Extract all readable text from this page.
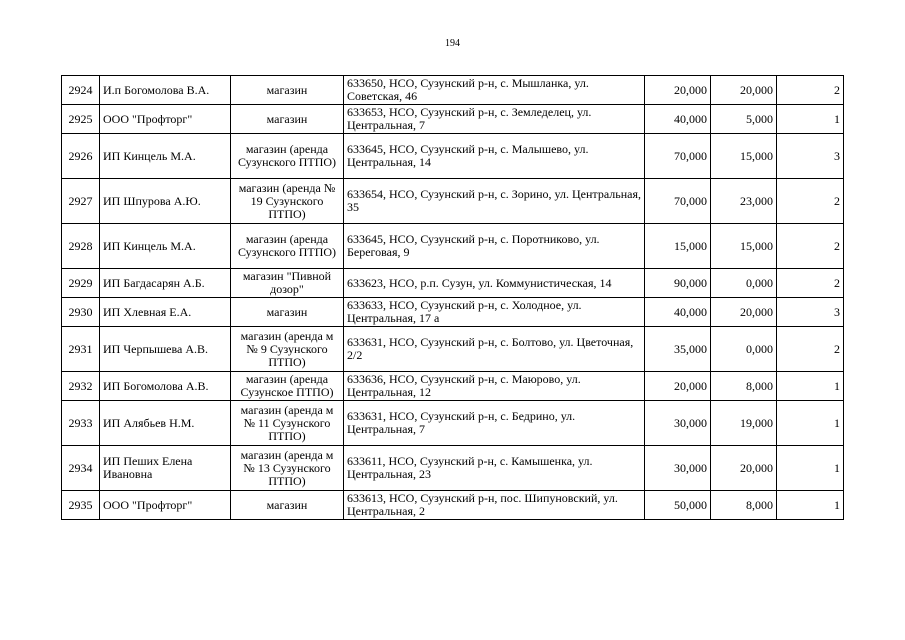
194
2924	И.п Богомолова В.А.	магазин	633650, НСО, Сузунский р-н, с. Мышланка, ул. Советская, 46	20,000	20,000	2
2925	ООО "Профторг"	магазин	633653, НСО, Сузунский р-н, с. Земледелец, ул. Центральная, 7	40,000	5,000	1
2926	ИП Кинцель М.А.	магазин (аренда Сузунского ПТПО)	633645, НСО, Сузунский р-н, с. Малышево, ул. Центральная, 14	70,000	15,000	3
2927	ИП Шпурова А.Ю.	магазин (аренда № 19 Сузунского ПТПО)	633654, НСО, Сузунский р-н, с. Зорино, ул. Центральная, 35	70,000	23,000	2
2928	ИП Кинцель М.А.	магазин (аренда Сузунского ПТПО)	633645, НСО, Сузунский р-н, с. Поротниково, ул. Береговая, 9	15,000	15,000	2
2929	ИП Багдасарян А.Б.	магазин "Пивной дозор"	633623, НСО, р.п. Сузун, ул. Коммунистическая, 14	90,000	0,000	2
2930	ИП Хлевная Е.А.	магазин	633633, НСО, Сузунский р-н, с. Холодное, ул. Центральная, 17 а	40,000	20,000	3
2931	ИП Черпышева А.В.	магазин (аренда м № 9 Сузунского ПТПО)	633631, НСО, Сузунский р-н, с. Болтово, ул. Цветочная, 2/2	35,000	0,000	2
2932	ИП Богомолова А.В.	магазин (аренда Сузунское ПТПО)	633636, НСО, Сузунский р-н, с. Маюрово, ул. Центральная, 12	20,000	8,000	1
2933	ИП Алябьев Н.М.	магазин (аренда м № 11 Сузунского ПТПО)	633631, НСО, Сузунский р-н, с. Бедрино, ул. Центральная, 7	30,000	19,000	1
2934	ИП Пеших Елена Ивановна	магазин (аренда м № 13 Сузунского ПТПО)	633611, НСО, Сузунский р-н, с. Камышенка, ул. Центральная, 23	30,000	20,000	1
2935	ООО "Профторг"	магазин	633613, НСО, Сузунский р-н, пос. Шипуновский, ул. Центральная, 2	50,000	8,000	1
